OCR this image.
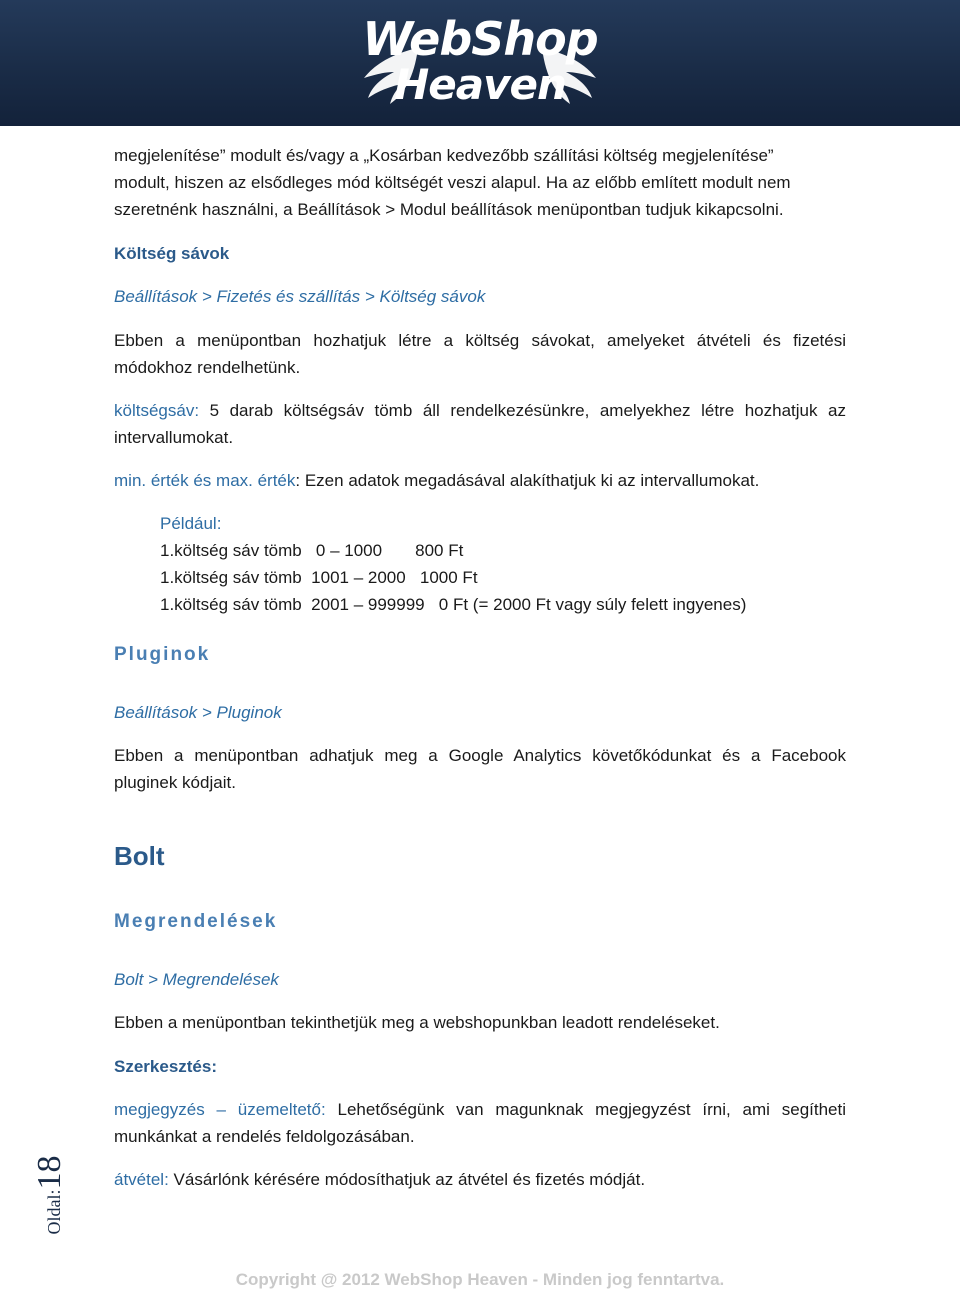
WebShop
Heaven

megjelenítése” modult és/vagy a „Kosárban kedvezőbb szállítási költség megjelenítése”

modult, hiszen az elsődleges mód költségét veszi alapul. Ha az előbb említett modult nem

szeretnénk használni, a Beállítások > Modul beállítások menüpontban tudjuk kikapcsolni.

Költség sávok

Beállítások > Fizetés és szállítás > Költség sávok

Ebben a menüpontban hozhatjuk létre a költség sávokat, amelyeket átvételi és fizetési módokhoz rendelhetünk.

költségsáv: 5 darab költségsáv tömb áll rendelkezésünkre, amelyekhez létre hozhatjuk az intervallumokat.

min. érték és max. érték: Ezen adatok megadásával alakíthatjuk ki az intervallumokat.

Például:

1.költség sáv tömb   0 – 1000       800 Ft

1.költség sáv tömb  1001 – 2000   1000 Ft

1.költség sáv tömb  2001 – 999999   0 Ft (= 2000 Ft vagy súly felett ingyenes)

Pluginok

Beállítások > Pluginok

Ebben a menüpontban adhatjuk meg a Google Analytics követőkódunkat és a Facebook pluginek kódjait.

Bolt

Megrendelések

Bolt > Megrendelések

Ebben a menüpontban tekinthetjük meg a webshopunkban leadott rendeléseket.

Szerkesztés:

megjegyzés – üzemeltető: Lehetőségünk van magunknak megjegyzést írni, ami segítheti munkánkat a rendelés feldolgozásában.

átvétel: Vásárlónk kérésére módosíthatjuk az átvétel és fizetés módját.

Oldal:18
Copyright @ 2012 WebShop Heaven - Minden jog fenntartva.
